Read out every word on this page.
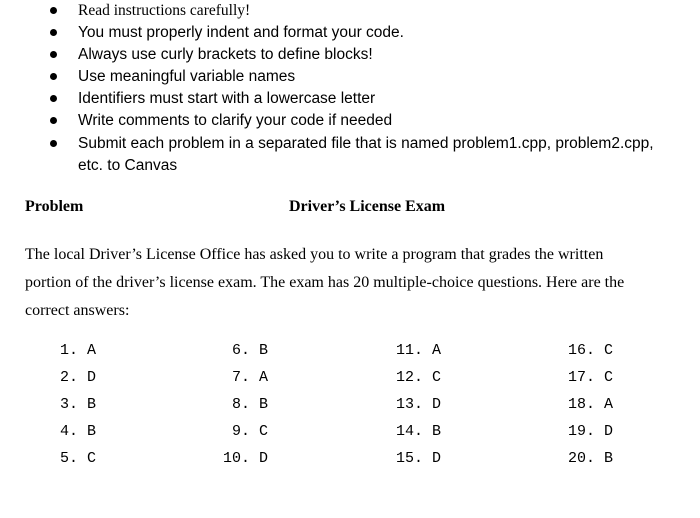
Read instructions carefully!
You must properly indent and format your code.
Always use curly brackets to define blocks!
Use meaningful variable names
Identifiers must start with a lowercase letter
Write comments to clarify your code if needed
Submit each problem in a separated file that is named problem1.cpp, problem2.cpp,
etc. to Canvas
Problem	Driver’s License Exam
The local Driver’s License Office has asked you to write a program that grades the written
portion of the driver’s license exam. The exam has 20 multiple-choice questions. Here are the
correct answers:
1. A
2. D
3. B
4. B
5. C
6. B
7. A
8. B
9. C
10. D
11. A
12. C
13. D
14. B
15. D
16. C
17. C
18. A
19. D
20. B
